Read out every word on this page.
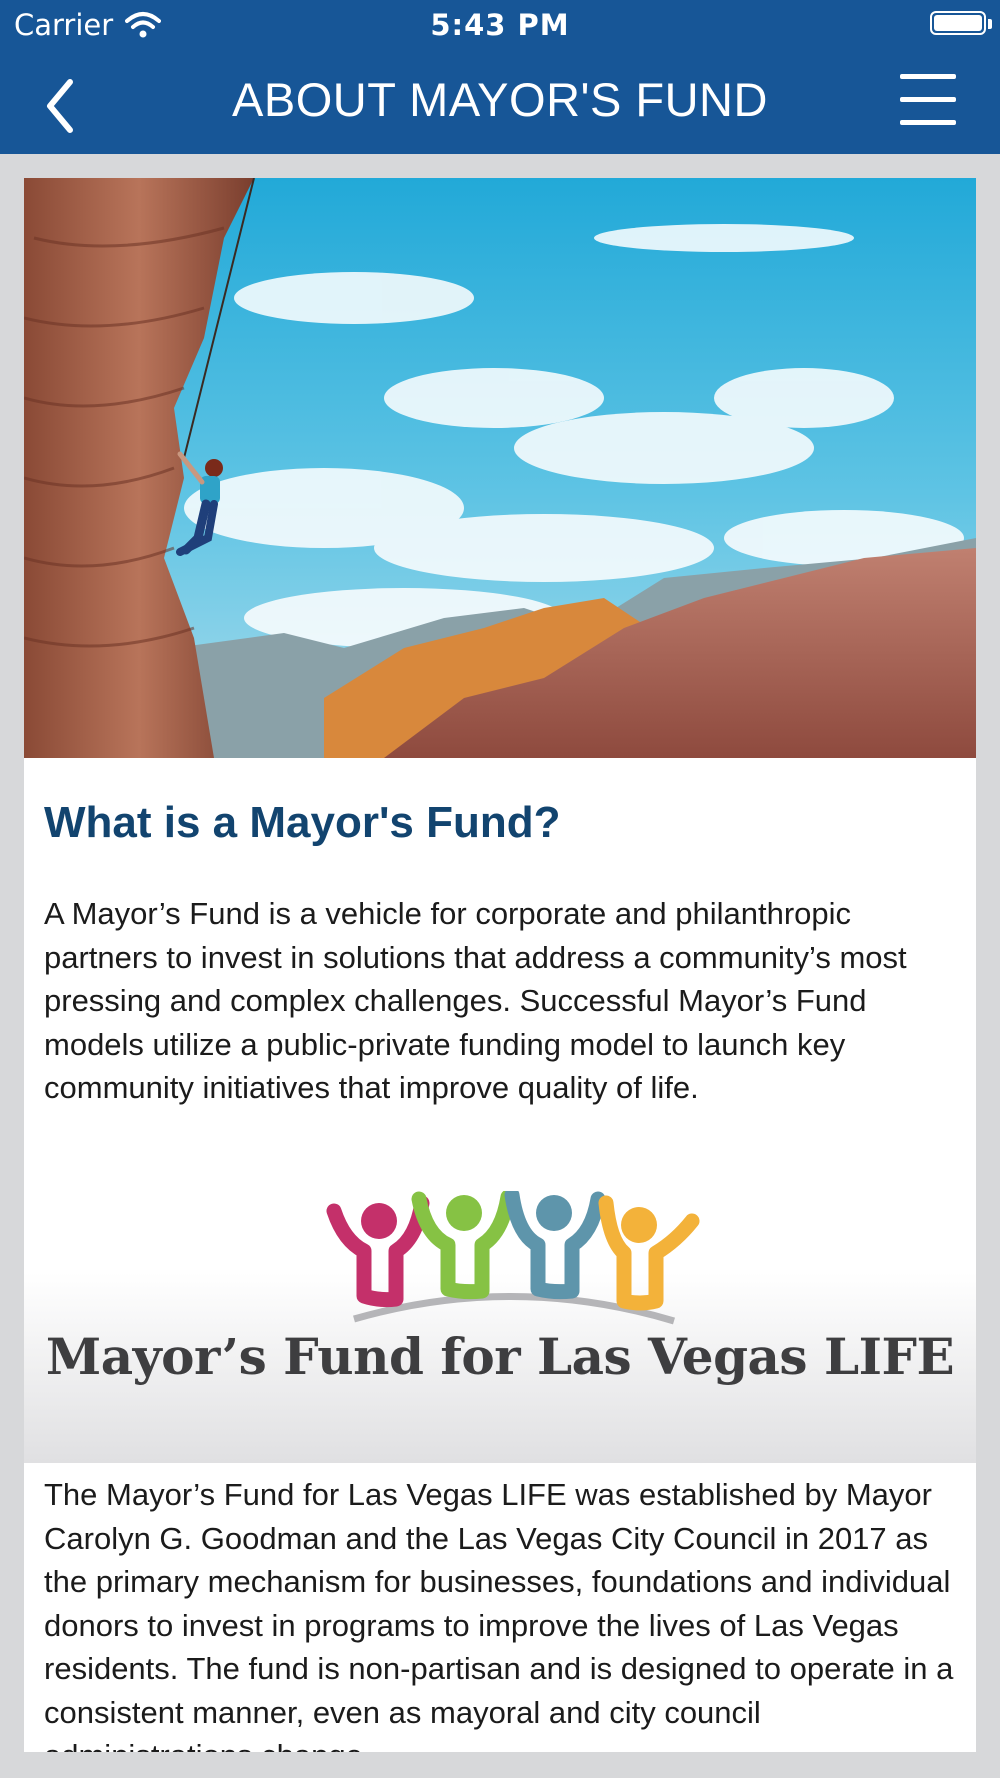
Carrier	5:43 PM
ABOUT MAYOR'S FUND
What is a Mayor's Fund?

A Mayor’s Fund is a vehicle for corporate and philanthropic partners to invest in solutions that address a community’s most pressing and complex challenges. Successful Mayor’s Fund models utilize a public-private funding model to launch key community initiatives that improve quality of life.

Mayor’s Fund for Las Vegas LIFE

The Mayor’s Fund for Las Vegas LIFE was established by Mayor Carolyn G. Goodman and the Las Vegas City Council in 2017 as the primary mechanism for businesses, foundations and individual donors to invest in programs to improve the lives of Las Vegas residents. The fund is non-partisan and is designed to operate in a consistent manner, even as mayoral and city council
